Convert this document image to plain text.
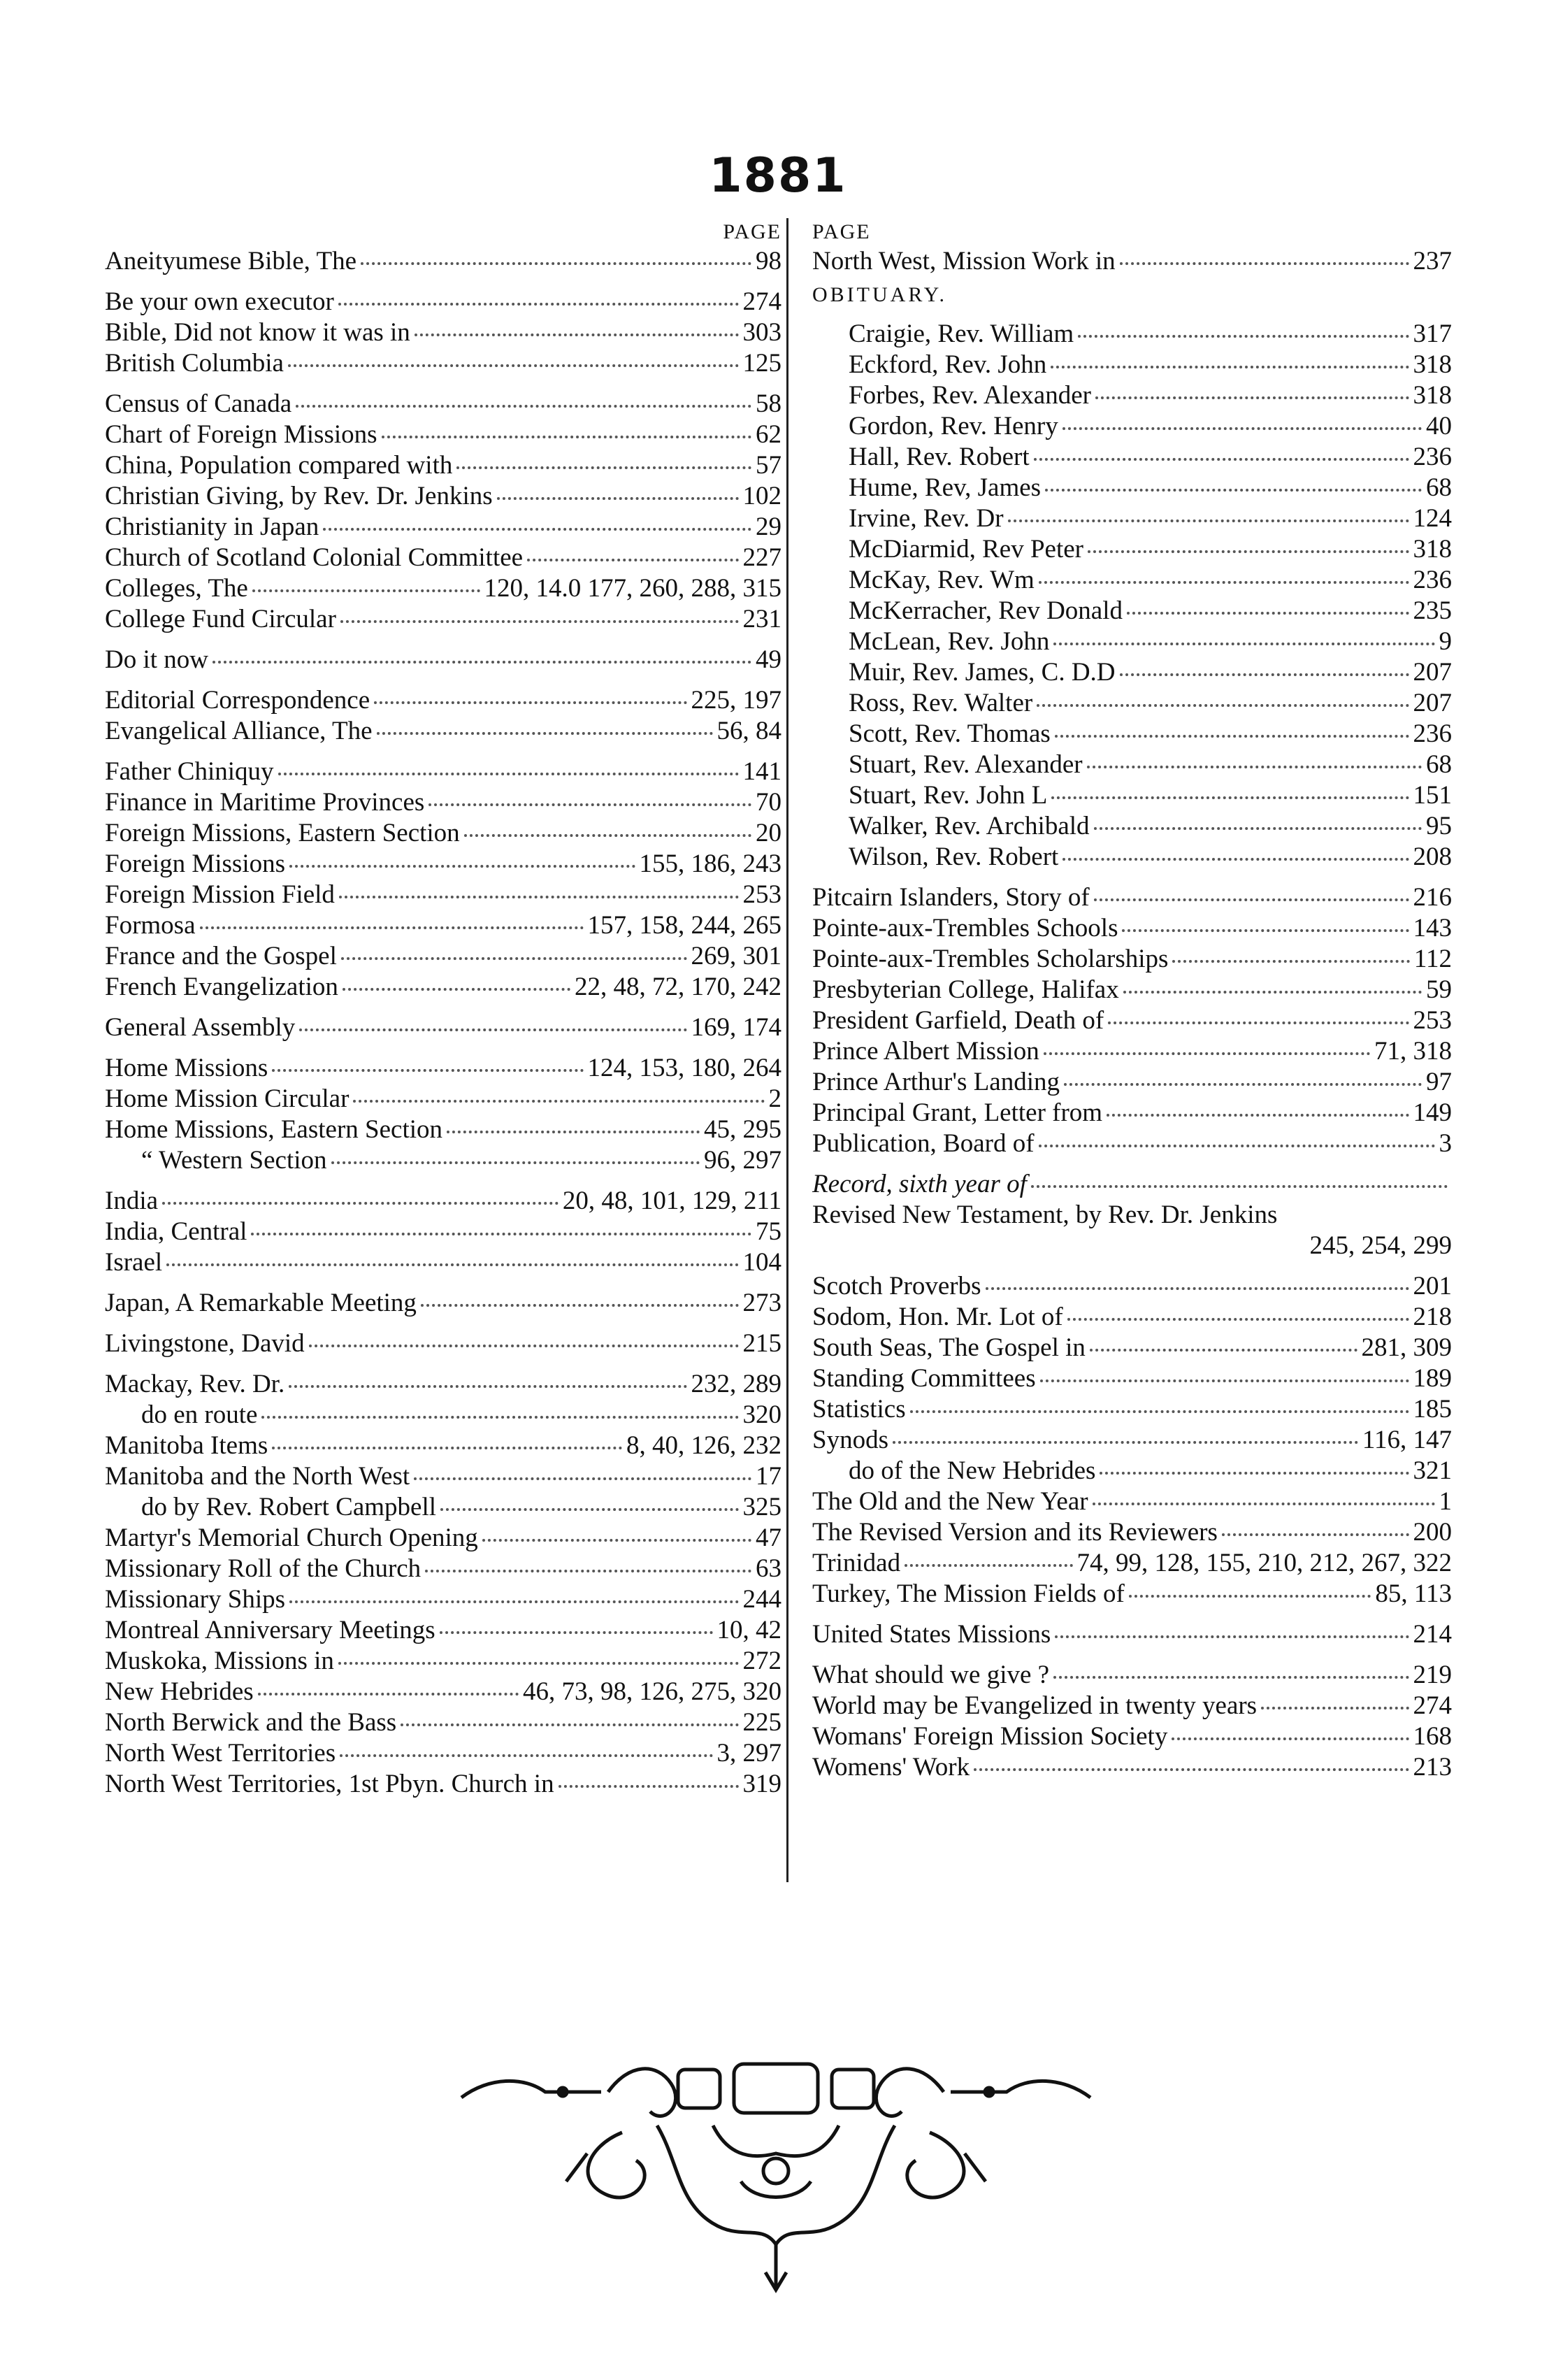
1881
PAGE
Aneityumese Bible, The	98
Be your own executor	274
Bible, Did not know it was in	303
British Columbia	125
Census of Canada	58
Chart of Foreign Missions	62
China, Population compared with	57
Christian Giving, by Rev. Dr. Jenkins	102
Christianity in Japan	29
Church of Scotland Colonial Committee	227
Colleges, The	120, 14.0 177, 260, 288, 315
College Fund Circular	231
Do it now	49
Editorial Correspondence	225, 197
Evangelical Alliance, The	56, 84
Father Chiniquy	141
Finance in Maritime Provinces	70
Foreign Missions, Eastern Section	20
Foreign Missions	155, 186, 243
Foreign Mission Field	253
Formosa	157, 158, 244, 265
France and the Gospel	269, 301
French Evangelization	22, 48, 72, 170, 242
General Assembly	169, 174
Home Missions	124, 153, 180, 264
Home Mission Circular	2
Home Missions, Eastern Section	45, 295
“ Western Section	96, 297
India	20, 48, 101, 129, 211
India, Central	75
Israel	104
Japan, A Remarkable Meeting	273
Livingstone, David	215
Mackay, Rev. Dr.	232, 289
do en route	320
Manitoba Items	8, 40, 126, 232
Manitoba and the North West	17
do by Rev. Robert Campbell	325
Martyr's Memorial Church Opening	47
Missionary Roll of the Church	63
Missionary Ships	244
Montreal Anniversary Meetings	10, 42
Muskoka, Missions in	272
New Hebrides	46, 73, 98, 126, 275, 320
North Berwick and the Bass	225
North West Territories	3, 297
North West Territories, 1st Pbyn. Church in	319
PAGE
North West, Mission Work in	237
OBITUARY.
Craigie, Rev. William	317
Eckford, Rev. John	318
Forbes, Rev. Alexander	318
Gordon, Rev. Henry	40
Hall, Rev. Robert	236
Hume, Rev, James	68
Irvine, Rev. Dr	124
McDiarmid, Rev Peter	318
McKay, Rev. Wm	236
McKerracher, Rev Donald	235
McLean, Rev. John	9
Muir, Rev. James, C. D.D	207
Ross, Rev. Walter	207
Scott, Rev. Thomas	236
Stuart, Rev. Alexander	68
Stuart, Rev. John L	151
Walker, Rev. Archibald	95
Wilson, Rev. Robert	208
Pitcairn Islanders, Story of	216
Pointe-aux-Trembles Schools	143
Pointe-aux-Trembles Scholarships	112
Presbyterian College, Halifax	59
President Garfield, Death of	253
Prince Albert Mission	71, 318
Prince Arthur's Landing	97
Principal Grant, Letter from	149
Publication, Board of	3
Record, sixth year of
Revised New Testament, by Rev. Dr. Jenkins
245, 254, 299
Scotch Proverbs	201
Sodom, Hon. Mr. Lot of	218
South Seas, The Gospel in	281, 309
Standing Committees	189
Statistics	185
Synods	116, 147
do of the New Hebrides	321
The Old and the New Year	1
The Revised Version and its Reviewers	200
Trinidad	74, 99, 128, 155, 210, 212, 267, 322
Turkey, The Mission Fields of	85, 113
United States Missions	214
What should we give ?	219
World may be Evangelized in twenty years	274
Womans' Foreign Mission Society	168
Womens' Work	213
